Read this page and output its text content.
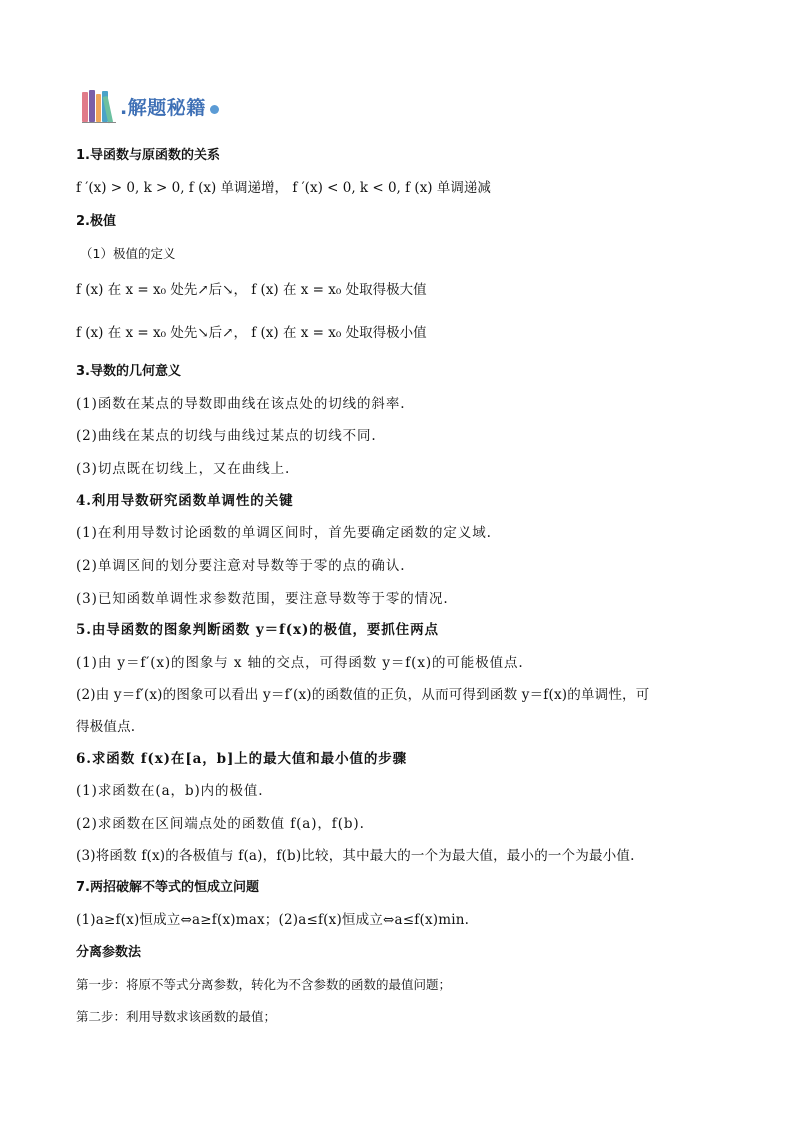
.解题秘籍
1.导函数与原函数的关系
f ′(x) > 0, k > 0, f (x) 单调递增， f ′(x) < 0, k < 0, f (x) 单调递减
2.极值
（1）极值的定义
f (x) 在 x = x₀ 处先↗后↘， f (x) 在 x = x₀ 处取得极大值
f (x) 在 x = x₀ 处先↘后↗， f (x) 在 x = x₀ 处取得极小值
3.导数的几何意义
(1)函数在某点的导数即曲线在该点处的切线的斜率.
(2)曲线在某点的切线与曲线过某点的切线不同.
(3)切点既在切线上，又在曲线上.
4.利用导数研究函数单调性的关键
(1)在利用导数讨论函数的单调区间时，首先要确定函数的定义域.
(2)单调区间的划分要注意对导数等于零的点的确认.
(3)已知函数单调性求参数范围，要注意导数等于零的情况.
5.由导函数的图象判断函数 y＝f(x)的极值，要抓住两点
(1)由 y＝f′(x)的图象与 x 轴的交点，可得函数 y＝f(x)的可能极值点.
(2)由 y＝f′(x)的图象可以看出 y＝f′(x)的函数值的正负，从而可得到函数 y＝f(x)的单调性，可
得极值点.
6.求函数 f(x)在[a，b]上的最大值和最小值的步骤
(1)求函数在(a，b)内的极值.
(2)求函数在区间端点处的函数值 f(a)，f(b).
(3)将函数 f(x)的各极值与 f(a)，f(b)比较，其中最大的一个为最大值，最小的一个为最小值.
7.两招破解不等式的恒成立问题
(1)a≥f(x)恒成立⇔a≥f(x)max；(2)a≤f(x)恒成立⇔a≤f(x)min.
分离参数法
第一步：将原不等式分离参数，转化为不含参数的函数的最值问题；
第二步：利用导数求该函数的最值；
